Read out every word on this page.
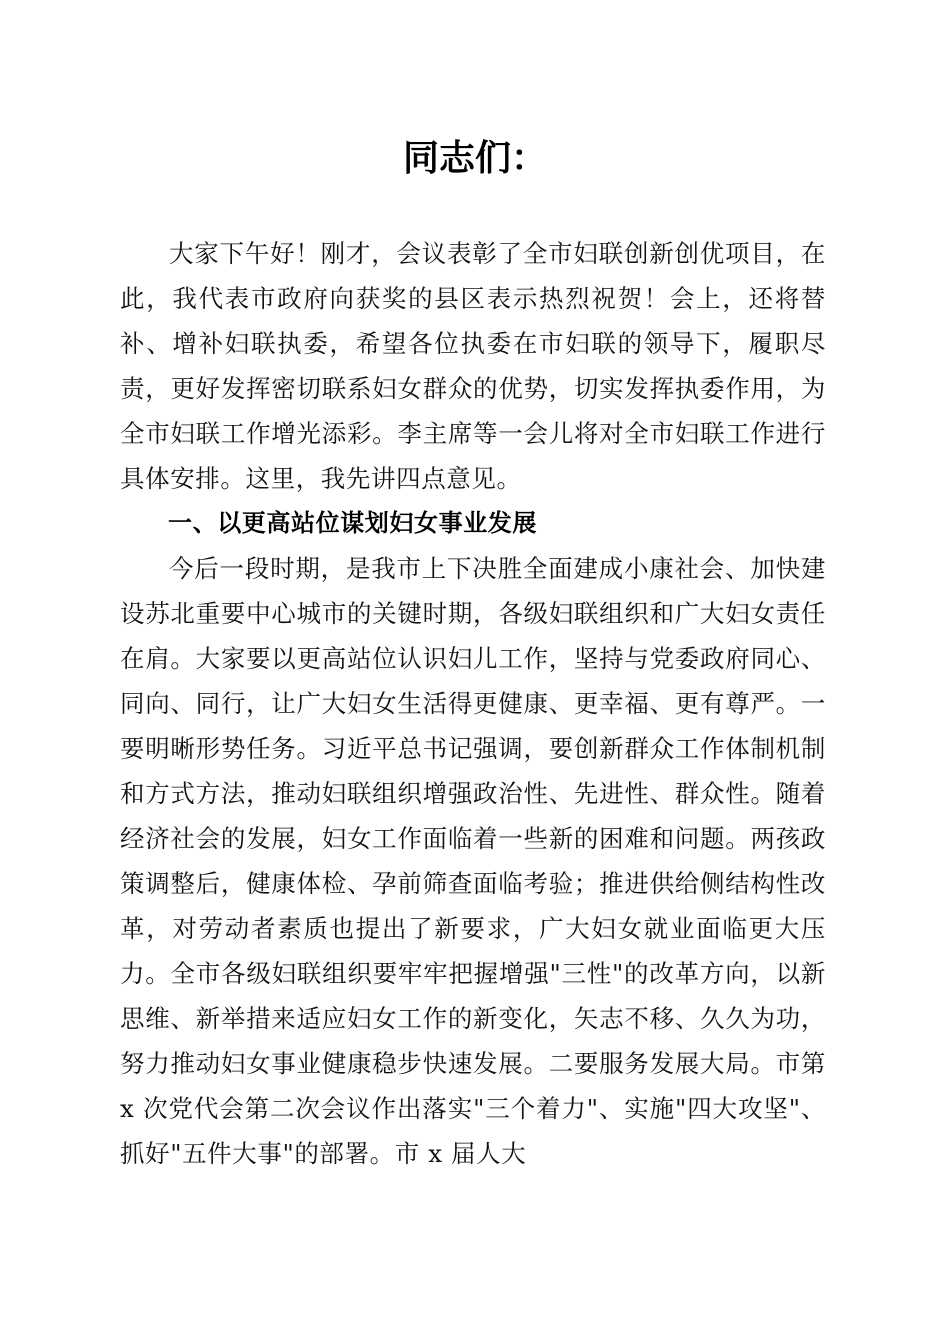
同志们：

大家下午好！刚才，会议表彰了全市妇联创新创优项目，在此，我代表市政府向获奖的县区表示热烈祝贺！会上，还将替补、增补妇联执委，希望各位执委在市妇联的领导下，履职尽责，更好发挥密切联系妇女群众的优势，切实发挥执委作用，为全市妇联工作增光添彩。李主席等一会儿将对全市妇联工作进行具体安排。这里，我先讲四点意见。

一、以更高站位谋划妇女事业发展

今后一段时期，是我市上下决胜全面建成小康社会、加快建设苏北重要中心城市的关键时期，各级妇联组织和广大妇女责任在肩。大家要以更高站位认识妇儿工作，坚持与党委政府同心、同向、同行，让广大妇女生活得更健康、更幸福、更有尊严。一要明晰形势任务。习近平总书记强调，要创新群众工作体制机制和方式方法，推动妇联组织增强政治性、先进性、群众性。随着经济社会的发展，妇女工作面临着一些新的困难和问题。两孩政策调整后，健康体检、孕前筛查面临考验；推进供给侧结构性改革，对劳动者素质也提出了新要求，广大妇女就业面临更大压力。全市各级妇联组织要牢牢把握增强"三性"的改革方向，以新思维、新举措来适应妇女工作的新变化，矢志不移、久久为功，努力推动妇女事业健康稳步快速发展。二要服务发展大局。市第 x 次党代会第二次会议作出落实"三个着力"、实施"四大攻坚"、抓好"五件大事"的部署。市 x 届人大
